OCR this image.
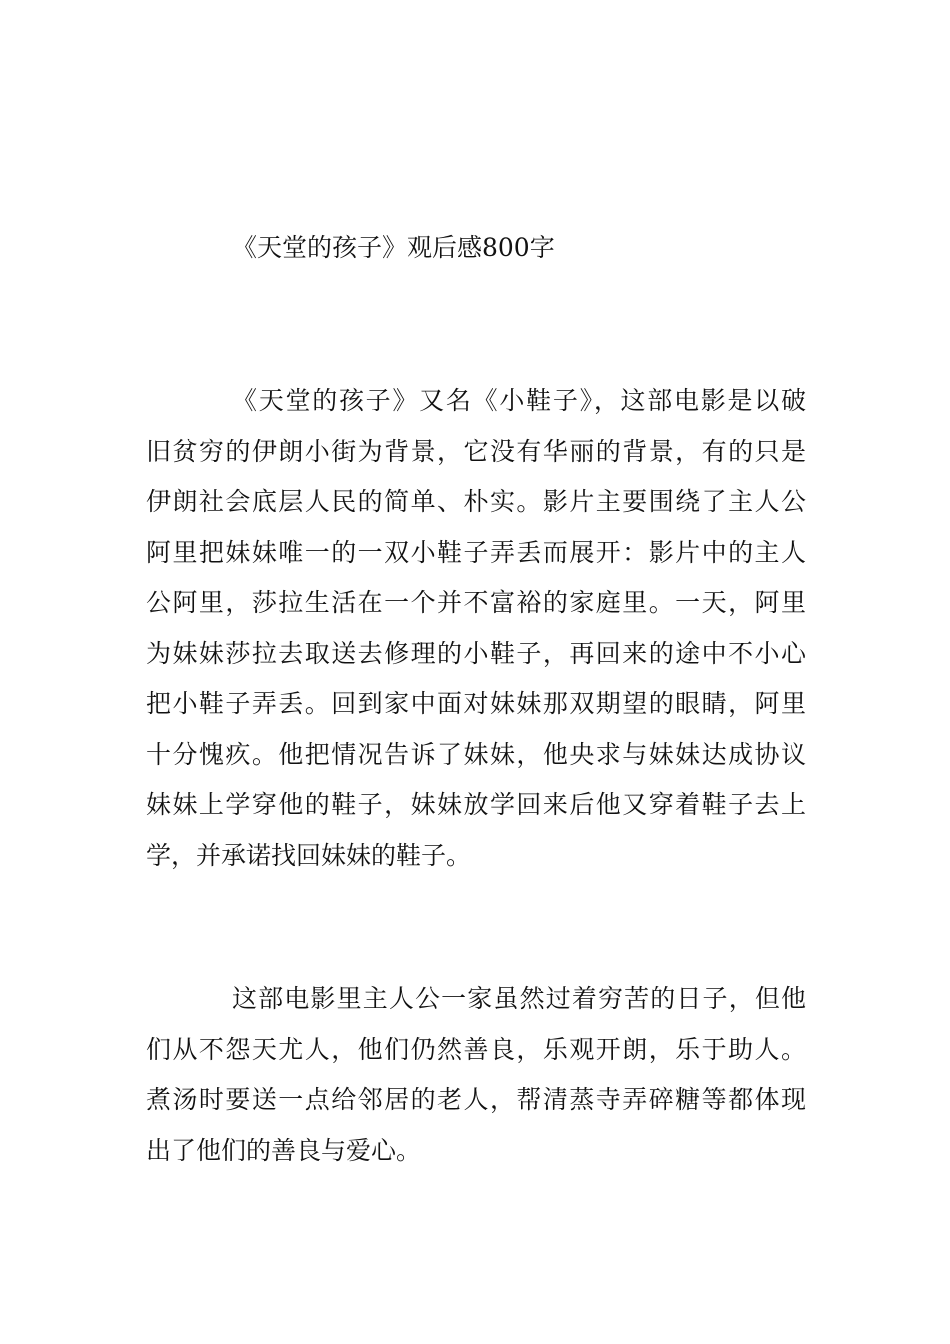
《天堂的孩子》观后感800字
《天堂的孩子》又名《小鞋子》，这部电影是以破
旧贫穷的伊朗小街为背景，它没有华丽的背景，有的只是
伊朗社会底层人民的简单、朴实。影片主要围绕了主人公
阿里把妹妹唯一的一双小鞋子弄丢而展开：影片中的主人
公阿里，莎拉生活在一个并不富裕的家庭里。一天，阿里
为妹妹莎拉去取送去修理的小鞋子，再回来的途中不小心
把小鞋子弄丢。回到家中面对妹妹那双期望的眼睛，阿里
十分愧疚。他把情况告诉了妹妹，他央求与妹妹达成协议
妹妹上学穿他的鞋子，妹妹放学回来后他又穿着鞋子去上
学，并承诺找回妹妹的鞋子。
这部电影里主人公一家虽然过着穷苦的日子，但他
们从不怨天尤人，他们仍然善良，乐观开朗，乐于助人。
煮汤时要送一点给邻居的老人，帮清蒸寺弄碎糖等都体现
出了他们的善良与爱心。
